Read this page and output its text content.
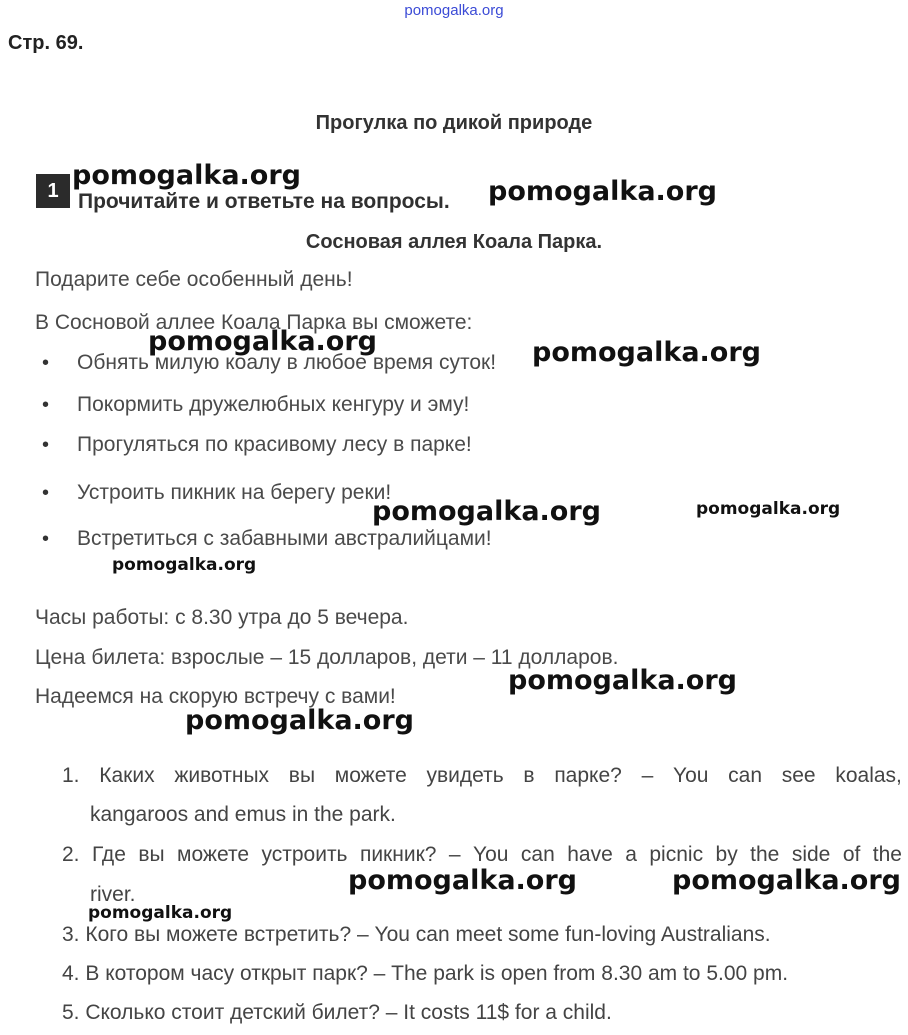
pomogalka.org
Стр. 69.
Прогулка по дикой природе
1 Прочитайте и ответьте на вопросы.
Сосновая аллея Коала Парка.
Подарите себе особенный день!
В Сосновой аллее Коала Парка вы сможете:
• Обнять милую коалу в любое время суток!
• Покормить дружелюбных кенгуру и эму!
• Прогуляться по красивому лесу в парке!
• Устроить пикник на берегу реки!
• Встретиться с забавными австралийцами!
Часы работы: с 8.30 утра до 5 вечера.
Цена билета: взрослые – 15 долларов, дети – 11 долларов.
Надеемся на скорую встречу с вами!
1. Каких животных вы можете увидеть в парке? – You can see koalas,
kangaroos and emus in the park.
2. Где вы можете устроить пикник? – You can have a picnic by the side of the
river.
3. Кого вы можете встретить? – You can meet some fun-loving Australians.
4. В котором часу открыт парк? – The park is open from 8.30 am to 5.00 pm.
5. Сколько стоит детский билет? – It costs 11$ for a child.
pomogalka.org
pomogalka.org
pomogalka.org	pomogalka.org
pomogalka.org	pomogalka.org
pomogalka.org
pomogalka.org
pomogalka.org
pomogalka.org	pomogalka.org
pomogalka.org
